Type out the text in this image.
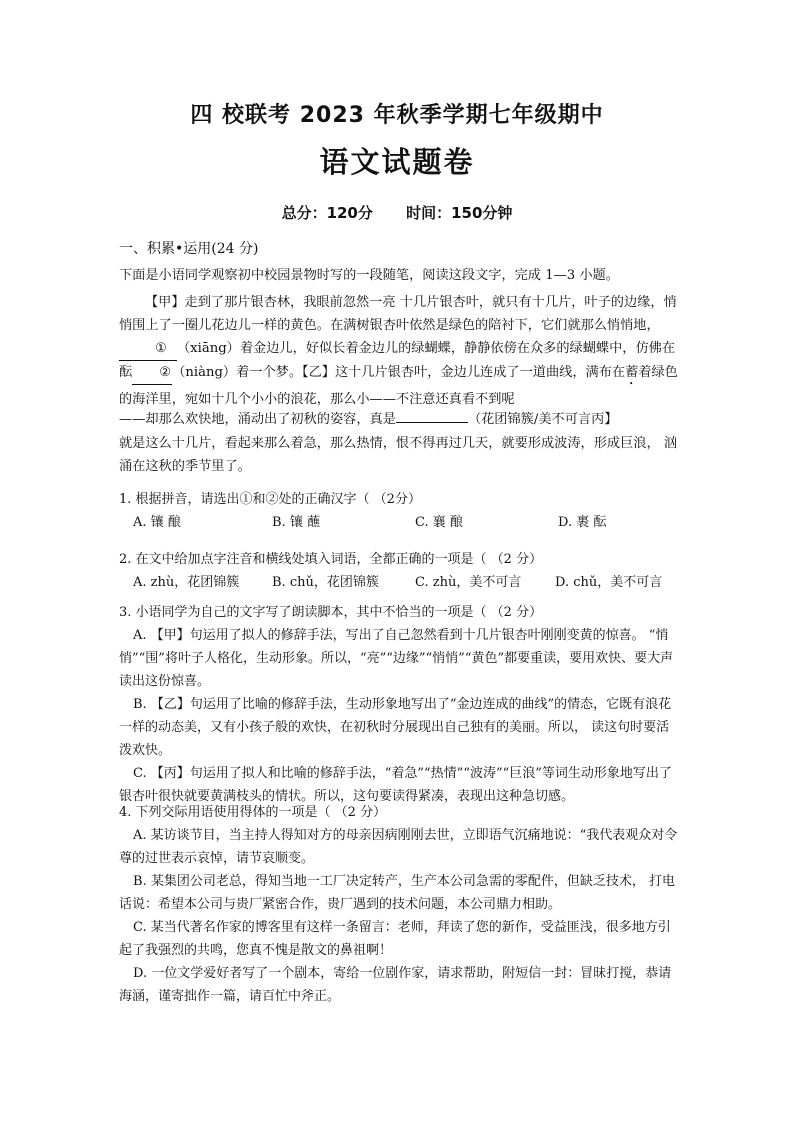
四 校联考 2023 年秋季学期七年级期中
语文试题卷
总分：120分 时间：150分钟
一、积累•运用(24 分)
下面是小语同学观察初中校园景物时写的一段随笔，阅读这段文字，完成 1—3 小题。
【甲】走到了那片银杏林，我眼前忽然一亮 十几片银杏叶，就只有十几片，叶子的边缘，悄悄围上了一圈儿花边儿一样的黄色。在满树银杏叶依然是绿色的陪衬下，它们就那么悄悄地，① （xiāng）着金边儿，好似长着金边儿的绿蝴蝶，静静依傍在众多的绿蝴蝶中，仿佛在酝 ②（niàng）着一个梦。【乙】这十几片银杏叶，金边儿连成了一道曲线，满布在蓄着绿色的海洋里，宛如十几个小小的浪花，那么小——不注意还真看不到呢
——却那么欢快地，涌动出了初秋的姿容，真是	（花团锦簇/美不可言丙】
就是这么十几片，看起来那么着急，那么热情，恨不得再过几天，就要形成波涛，形成巨浪， 汹涌在这秋的季节里了。
1. 根据拼音，请选出①和②处的正确汉字（ （2分）
A. 镶 酿	B. 镶 蘸	C. 襄 酿	D. 裹 酝
2. 在文中给加点字注音和横线处填入词语，全都正确的一项是（ （2 分）
A. zhù，花团锦簇	B. chǔ，花团锦簇	C. zhù，美不可言	D. chǔ，美不可言
3. 小语同学为自己的文字写了朗读脚本，其中不恰当的一项是（ （2 分）
A. 【甲】句运用了拟人的修辞手法，写出了自己忽然看到十几片银杏叶刚刚变黄的惊喜。 “悄悄”“围”将叶子人格化，生动形象。所以，“亮”“边缘”“悄悄”“黄色”都要重读，要用欢快、要大声读出这份惊喜。
B. 【乙】句运用了比喻的修辞手法，生动形象地写出了“金边连成的曲线”的情态，它既有浪花一样的动态美，又有小孩子般的欢快，在初秋时分展现出自己独有的美丽。所以， 读这句时要活泼欢快。
C. 【丙】句运用了拟人和比喻的修辞手法，“着急”“热情”“波涛”“巨浪”等词生动形象地写出了银杏叶很快就要黄满枝头的情状。所以，这句要读得紧凑，表现出这种急切感。
4. 下列交际用语使用得体的一项是（ （2 分）
A. 某访谈节目，当主持人得知对方的母亲因病刚刚去世，立即语气沉痛地说：“我代表观众对令尊的过世表示哀悼，请节哀顺变。
B. 某集团公司老总，得知当地一工厂决定转产，生产本公司急需的零配件，但缺乏技术， 打电话说：希望本公司与贵厂紧密合作，贵厂遇到的技术问题，本公司鼎力相助。
C. 某当代著名作家的博客里有这样一条留言：老师，拜读了您的新作，受益匪浅，很多地方引起了我强烈的共鸣，您真不愧是散文的鼻祖啊！
D. 一位文学爱好者写了一个剧本，寄给一位剧作家，请求帮助，附短信一封：冒昧打搅，恭请海涵，谨寄拙作一篇，请百忙中斧正。
